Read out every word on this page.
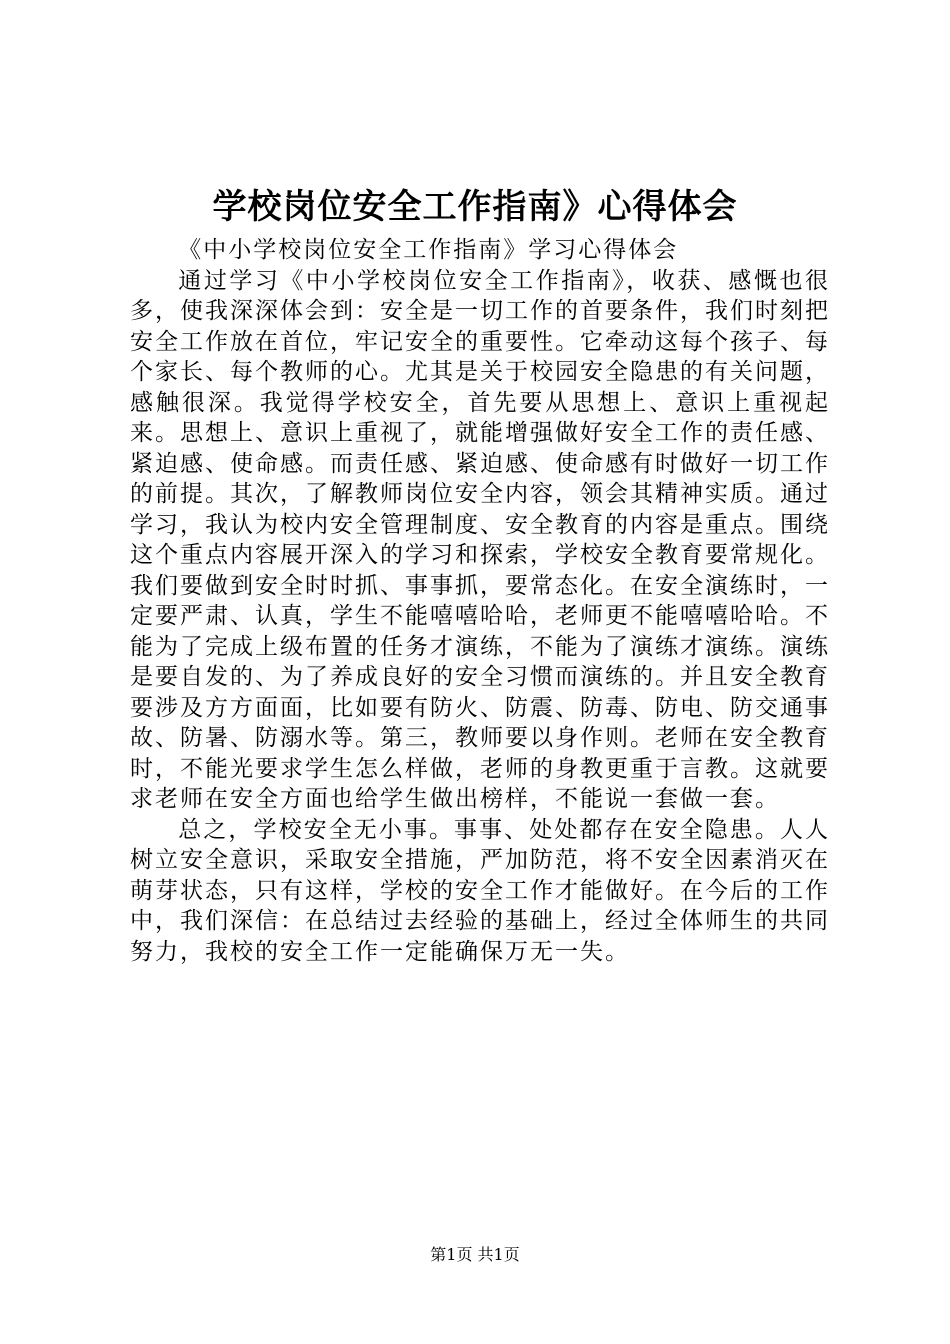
学校岗位安全工作指南》心得体会

《中小学校岗位安全工作指南》学习心得体会

通过学习《中小学校岗位安全工作指南》，收获、感慨也很多，使我深深体会到：安全是一切工作的首要条件，我们时刻把安全工作放在首位，牢记安全的重要性。它牵动这每个孩子、每个家长、每个教师的心。尤其是关于校园安全隐患的有关问题，感触很深。我觉得学校安全，首先要从思想上、意识上重视起来。思想上、意识上重视了，就能增强做好安全工作的责任感、紧迫感、使命感。而责任感、紧迫感、使命感有时做好一切工作的前提。其次，了解教师岗位安全内容，领会其精神实质。通过学习，我认为校内安全管理制度、安全教育的内容是重点。围绕这个重点内容展开深入的学习和探索，学校安全教育要常规化。我们要做到安全时时抓、事事抓，要常态化。在安全演练时，一定要严肃、认真，学生不能嘻嘻哈哈，老师更不能嘻嘻哈哈。不能为了完成上级布置的任务才演练，不能为了演练才演练。演练是要自发的、为了养成良好的安全习惯而演练的。并且安全教育要涉及方方面面，比如要有防火、防震、防毒、防电、防交通事故、防暑、防溺水等。第三，教师要以身作则。老师在安全教育时，不能光要求学生怎么样做，老师的身教更重于言教。这就要求老师在安全方面也给学生做出榜样，不能说一套做一套。

总之，学校安全无小事。事事、处处都存在安全隐患。人人树立安全意识，采取安全措施，严加防范，将不安全因素消灭在萌芽状态，只有这样，学校的安全工作才能做好。在今后的工作中，我们深信：在总结过去经验的基础上，经过全体师生的共同努力，我校的安全工作一定能确保万无一失。

第1页 共1页
